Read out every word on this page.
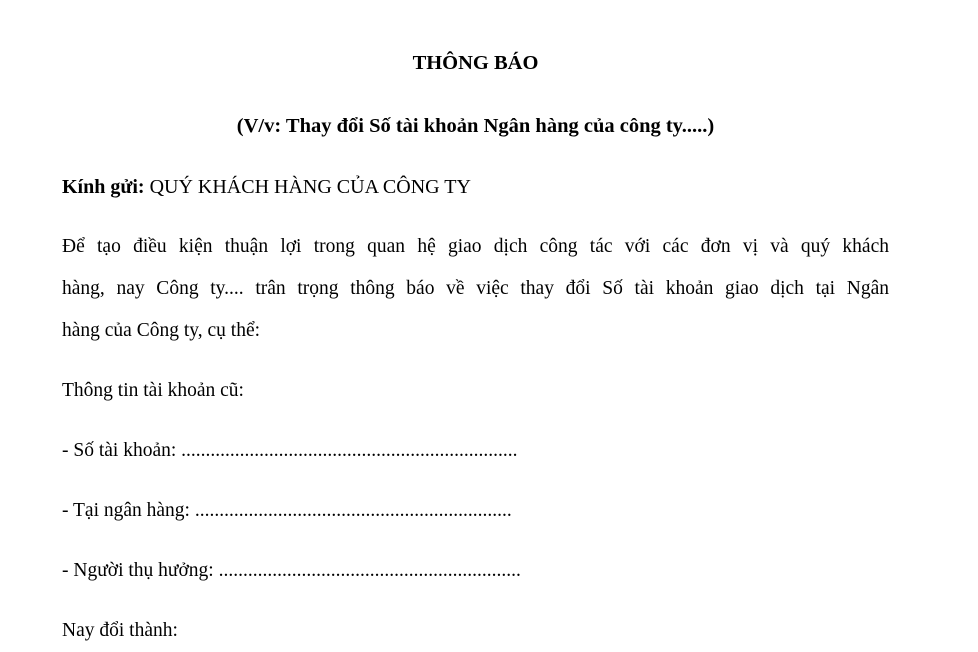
THÔNG BÁO
(V/v: Thay đổi Số tài khoản Ngân hàng của công ty.....)

Kính gửi: QUÝ KHÁCH HÀNG CỦA CÔNG TY

Để tạo điều kiện thuận lợi trong quan hệ giao dịch công tác với các đơn vị và quý khách
hàng, nay Công ty.... trân trọng thông báo về việc thay đổi Số tài khoản giao dịch tại Ngân
hàng của Công ty, cụ thể:

Thông tin tài khoản cũ:

- Số tài khoản: .....................................................................

- Tại ngân hàng: .................................................................

- Người thụ hưởng: ..............................................................

Nay đổi thành:
